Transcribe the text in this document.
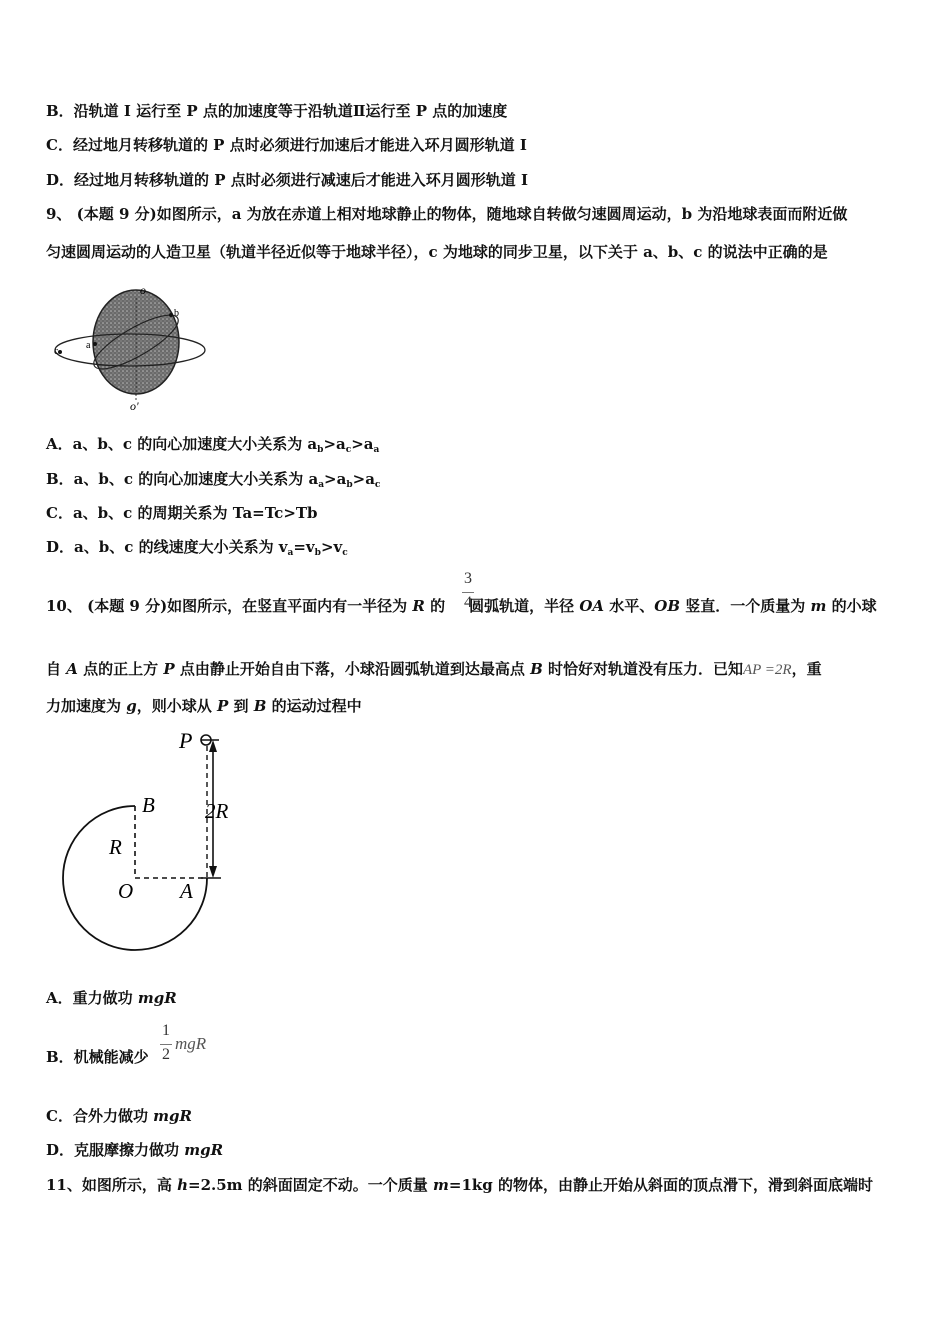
B．沿轨道 I 运行至 P 点的加速度等于沿轨道Ⅱ运行至 P 点的加速度
C．经过地月转移轨道的 P 点时必须进行加速后才能进入环月圆形轨道 I
D．经过地月转移轨道的 P 点时必须进行减速后才能进入环月圆形轨道 I
9、 (本题 9 分)如图所示，a 为放在赤道上相对地球静止的物体，随地球自转做匀速圆周运动，b 为沿地球表面而附近做
匀速圆周运动的人造卫星（轨道半径近似等于地球半径），c 为地球的同步卫星，以下关于 a、b、c 的说法中正确的是
o
o'
a
b
c
A．a、b、c 的向心加速度大小关系为 $a_b>a_c>a_a$
B．a、b、c 的向心加速度大小关系为 $a_a>a_b>a_c$
C．a、b、c 的周期关系为 Ta=Tc>Tb
D．a、b、c 的线速度大小关系为 $v_a=v_b>v_c$
10、 (本题 9 分)如图所示，在竖直平面内有一半径为 R 的 圆弧轨道，半径 OA 水平、OB 竖直．一个质量为 m 的小球
3
4
自 A 点的正上方 P 点由静止开始自由下落，小球沿圆弧轨道到达最高点 B 时恰好对轨道没有压力．已知AP =2R，重
力加速度为 g，则小球从 P 到 B 的运动过程中
P
B
R
2R
O A
A．重力做功 mgR
B．机械能减少
1
2
mgR
C．合外力做功 mgR
D．克服摩擦力做功 mgR
11、如图所示，高 h=2.5m 的斜面固定不动。一个质量 m=1kg 的物体，由静止开始从斜面的顶点滑下，滑到斜面底端时
